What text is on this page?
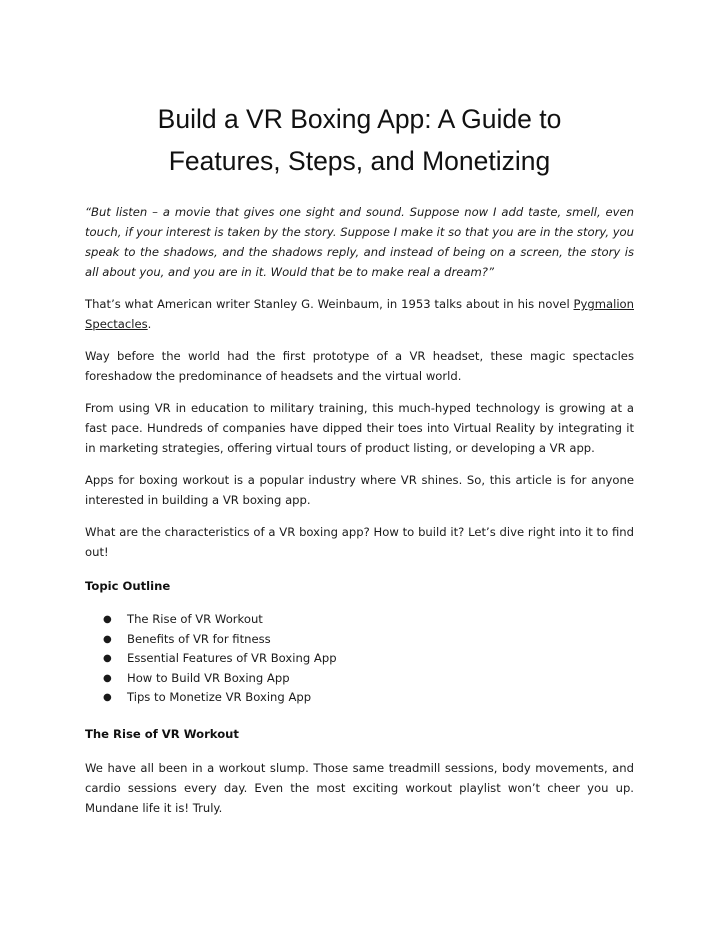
Build a VR Boxing App: A Guide to
Features, Steps, and Monetizing

“But listen – a movie that gives one sight and sound. Suppose now I add taste, smell, even touch, if your interest is taken by the story. Suppose I make it so that you are in the story, you speak to the shadows, and the shadows reply, and instead of being on a screen, the story is all about you, and you are in it. Would that be to make real a dream?”

That’s what American writer Stanley G. Weinbaum, in 1953 talks about in his novel Pygmalion Spectacles.

Way before the world had the first prototype of a VR headset, these magic spectacles foreshadow the predominance of headsets and the virtual world.

From using VR in education to military training, this much-hyped technology is growing at a fast pace. Hundreds of companies have dipped their toes into Virtual Reality by integrating it in marketing strategies, offering virtual tours of product listing, or developing a VR app.

Apps for boxing workout is a popular industry where VR shines. So, this article is for anyone interested in building a VR boxing app.

What are the characteristics of a VR boxing app? How to build it? Let’s dive right into it to find out!

Topic Outline

● The Rise of VR Workout
● Benefits of VR for fitness
● Essential Features of VR Boxing App
● How to Build VR Boxing App
● Tips to Monetize VR Boxing App

The Rise of VR Workout

We have all been in a workout slump. Those same treadmill sessions, body movements, and cardio sessions every day. Even the most exciting workout playlist won’t cheer you up. Mundane life it is! Truly.
